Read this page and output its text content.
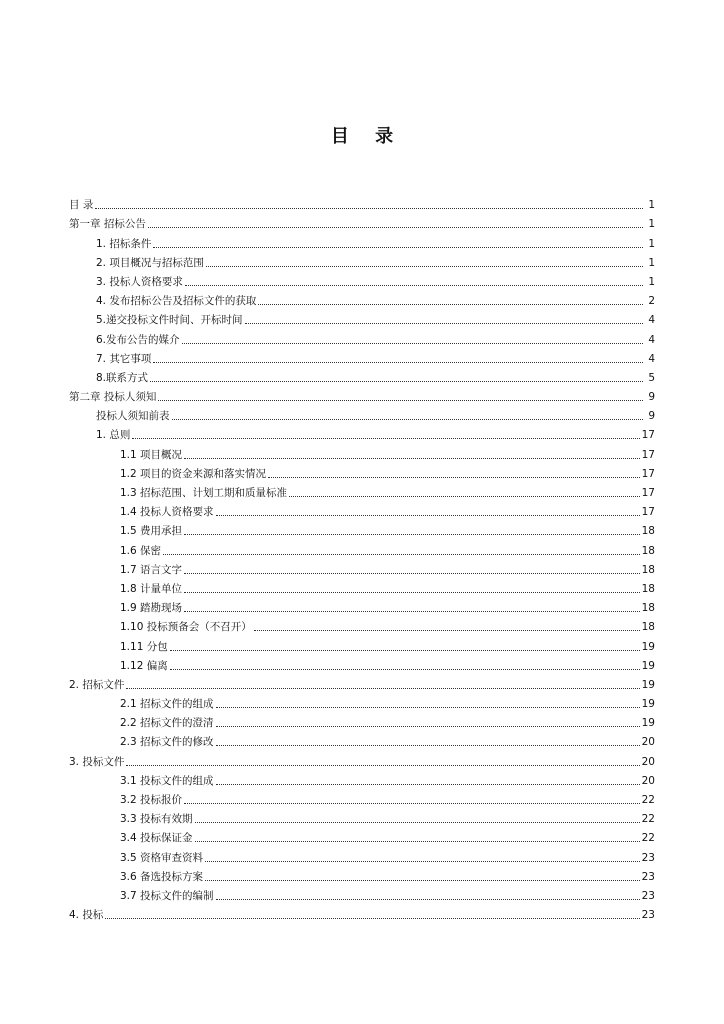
目 录
目 录	1
第一章 招标公告	1
1. 招标条件	1
2. 项目概况与招标范围	1
3. 投标人资格要求	1
4. 发布招标公告及招标文件的获取	2
5.递交投标文件时间、开标时间	4
6.发布公告的媒介	4
7. 其它事项	4
8.联系方式	5
第二章 投标人须知	9
投标人须知前表	9
1. 总则	17
1.1 项目概况	17
1.2 项目的资金来源和落实情况	17
1.3 招标范围、计划工期和质量标准	17
1.4 投标人资格要求	17
1.5 费用承担	18
1.6 保密	18
1.7 语言文字	18
1.8 计量单位	18
1.9 踏勘现场	18
1.10 投标预备会（不召开）	18
1.11 分包	19
1.12 偏离	19
2. 招标文件	19
2.1 招标文件的组成	19
2.2 招标文件的澄清	19
2.3 招标文件的修改	20
3. 投标文件	20
3.1 投标文件的组成	20
3.2 投标报价	22
3.3 投标有效期	22
3.4 投标保证金	22
3.5 资格审查资料	23
3.6 备选投标方案	23
3.7 投标文件的编制	23
4. 投标	23
